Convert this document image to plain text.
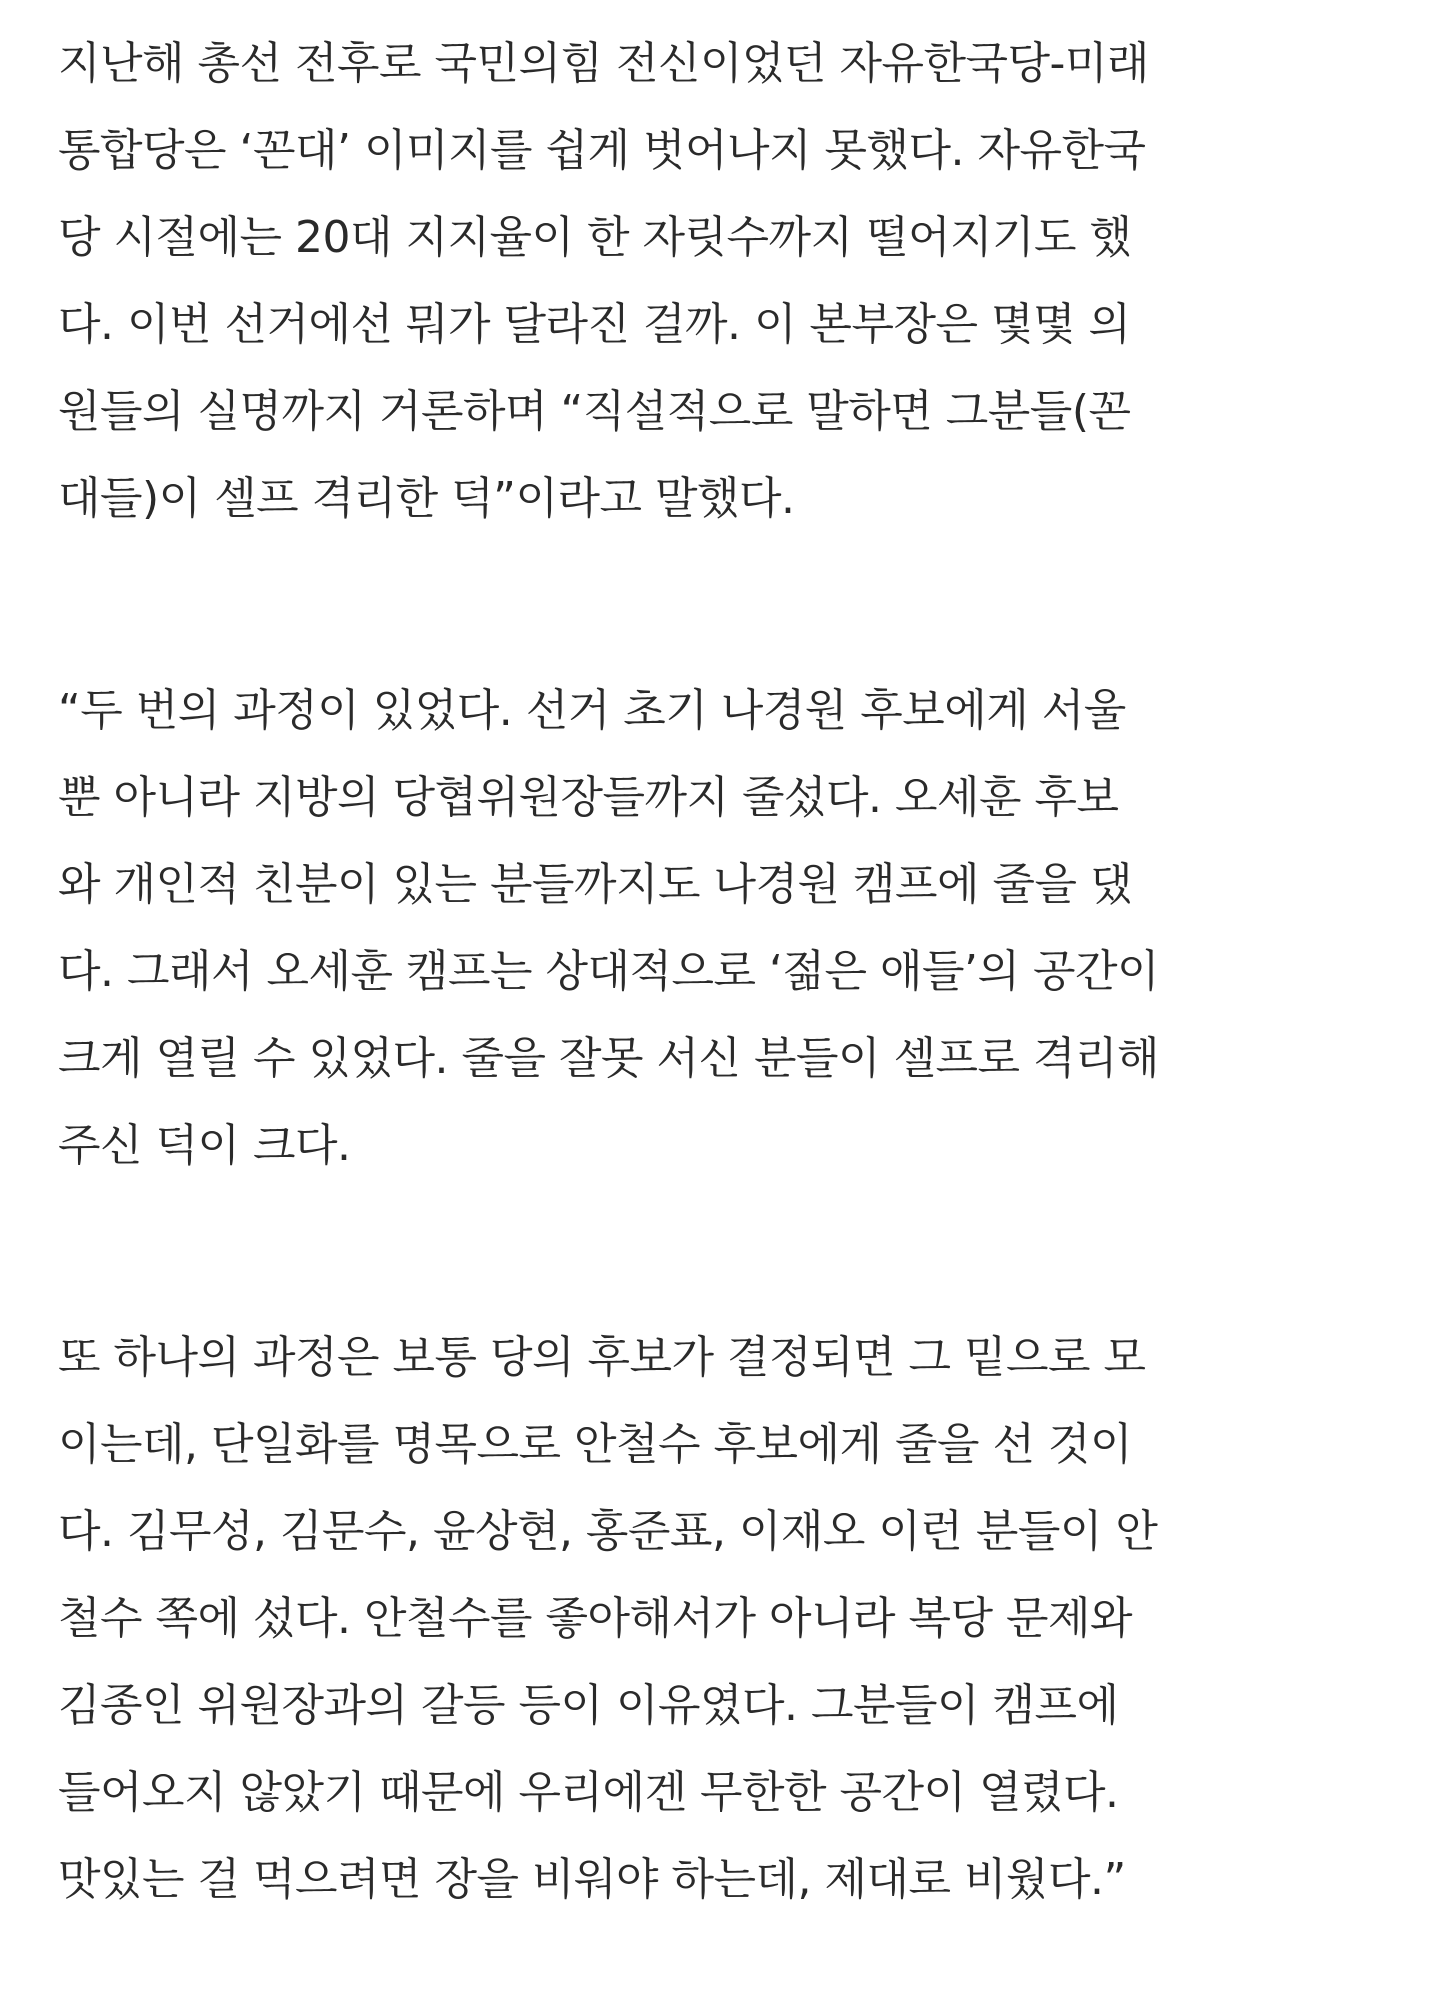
지난해 총선 전후로 국민의힘 전신이었던 자유한국당-미래
통합당은 ‘꼰대’ 이미지를 쉽게 벗어나지 못했다. 자유한국
당 시절에는 20대 지지율이 한 자릿수까지 떨어지기도 했
다. 이번 선거에선 뭐가 달라진 걸까. 이 본부장은 몇몇 의
원들의 실명까지 거론하며 “직설적으로 말하면 그분들(꼰
대들)이 셀프 격리한 덕”이라고 말했다.
“두 번의 과정이 있었다. 선거 초기 나경원 후보에게 서울
뿐 아니라 지방의 당협위원장들까지 줄섰다. 오세훈 후보
와 개인적 친분이 있는 분들까지도 나경원 캠프에 줄을 댔
다. 그래서 오세훈 캠프는 상대적으로 ‘젊은 애들’의 공간이
크게 열릴 수 있었다. 줄을 잘못 서신 분들이 셀프로 격리해
주신 덕이 크다.
또 하나의 과정은 보통 당의 후보가 결정되면 그 밑으로 모
이는데, 단일화를 명목으로 안철수 후보에게 줄을 선 것이
다. 김무성, 김문수, 윤상현, 홍준표, 이재오 이런 분들이 안
철수 쪽에 섰다. 안철수를 좋아해서가 아니라 복당 문제와
김종인 위원장과의 갈등 등이 이유였다. 그분들이 캠프에
들어오지 않았기 때문에 우리에겐 무한한 공간이 열렸다.
맛있는 걸 먹으려면 장을 비워야 하는데, 제대로 비웠다.”
